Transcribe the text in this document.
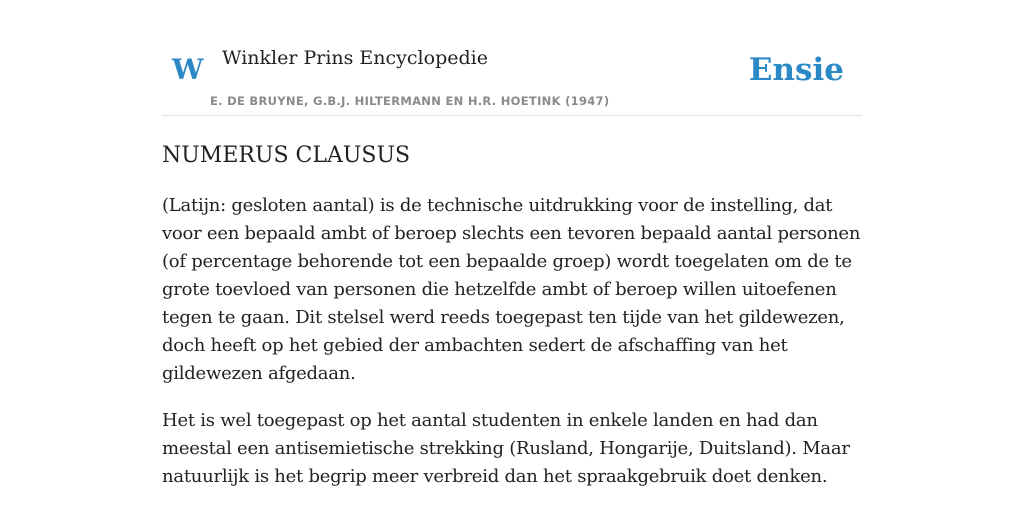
W Winkler Prins Encyclopedie
E. DE BRUYNE, G.B.J. HILTERMANN EN H.R. HOETINK (1947)
Ensie
NUMERUS CLAUSUS

(Latijn: gesloten aantal) is de technische uitdrukking voor de instelling, dat voor een bepaald ambt of beroep slechts een tevoren bepaald aantal personen (of percentage behorende tot een bepaalde groep) wordt toegelaten om de te grote toevloed van personen die hetzelfde ambt of beroep willen uitoefenen tegen te gaan. Dit stelsel werd reeds toegepast ten tijde van het gildewezen, doch heeft op het gebied der ambachten sedert de afschaffing van het gildewezen afgedaan.

Het is wel toegepast op het aantal studenten in enkele landen en had dan meestal een antisemietische strekking (Rusland, Hongarije, Duitsland). Maar natuurlijk is het begrip meer verbreid dan het spraakgebruik doet denken.
